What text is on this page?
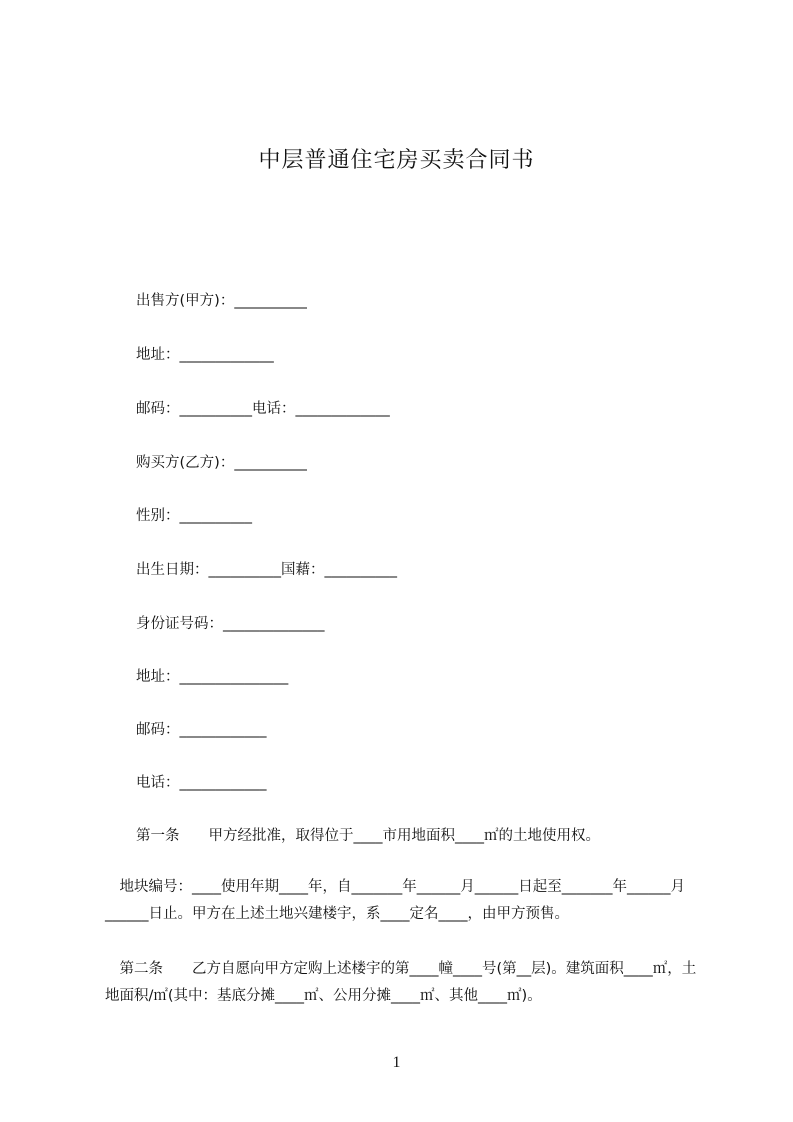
中层普通住宅房买卖合同书
出售方(甲方)：__________
地址：_____________
邮码：__________电话：_____________
购买方(乙方)：__________
性别：__________
出生日期：__________国藉：__________
身份证号码：______________
地址：_______________
邮码：____________
电话：____________
第一条　　甲方经批准，取得位于____市用地面积____㎡的土地使用权。
　地块编号：____使用年期____年，自_______年______月______日起至_______年______月______日止。甲方在上述土地兴建楼宇，系____定名____，由甲方预售。
　第二条　　乙方自愿向甲方定购上述楼宇的第____幢____号(第__层)。建筑面积____㎡，土地面积/㎡(其中：基底分摊____㎡、公用分摊____㎡、其他____㎡)。
1
